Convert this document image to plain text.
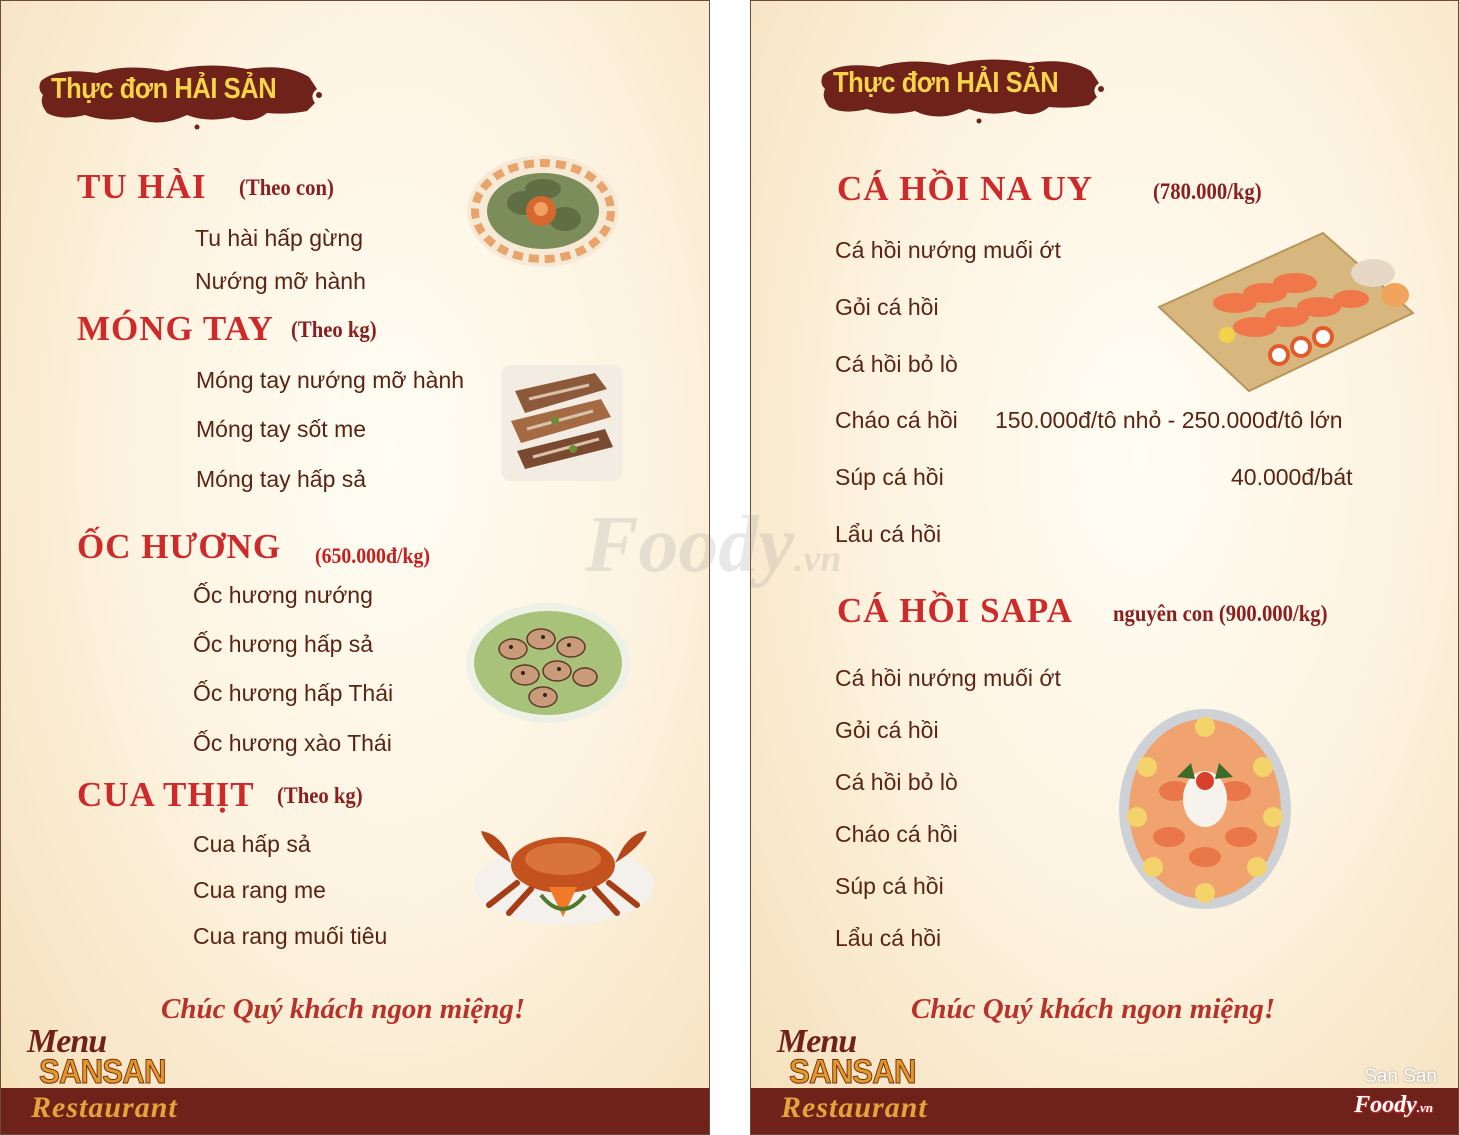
Thực đơn HẢI SẢN
TU HÀI (Theo con)
Tu hài hấp gừng
Nướng mỡ hành
MÓNG TAY (Theo kg)
Móng tay nướng mỡ hành
Móng tay sốt me
Móng tay hấp sả
ỐC HƯƠNG (650.000đ/kg)
Ốc hương nướng
Ốc hương hấp sả
Ốc hương hấp Thái
Ốc hương xào Thái
CUA THỊT (Theo kg)
Cua hấp sả
Cua rang me
Cua rang muối tiêu
Chúc Quý khách ngon miệng!
Menu
SANSAN
Restaurant
Thực đơn HẢI SẢN
CÁ HỒI NA UY	(780.000/kg)
Cá hồi nướng muối ớt
Gỏi cá hồi
Cá hồi bỏ lò
Cháo cá hồi 150.000đ/tô nhỏ - 250.000đ/tô lớn
Súp cá hồi	40.000đ/bát
Lẩu cá hồi
CÁ HỒI SAPA nguyên con (900.000/kg)
Cá hồi nướng muối ớt
Gỏi cá hồi
Cá hồi bỏ lò
Cháo cá hồi
Súp cá hồi
Lẩu cá hồi
Chúc Quý khách ngon miệng!
Menu
SANSAN
Restaurant
Foody.vn
San San
Foody.vn
